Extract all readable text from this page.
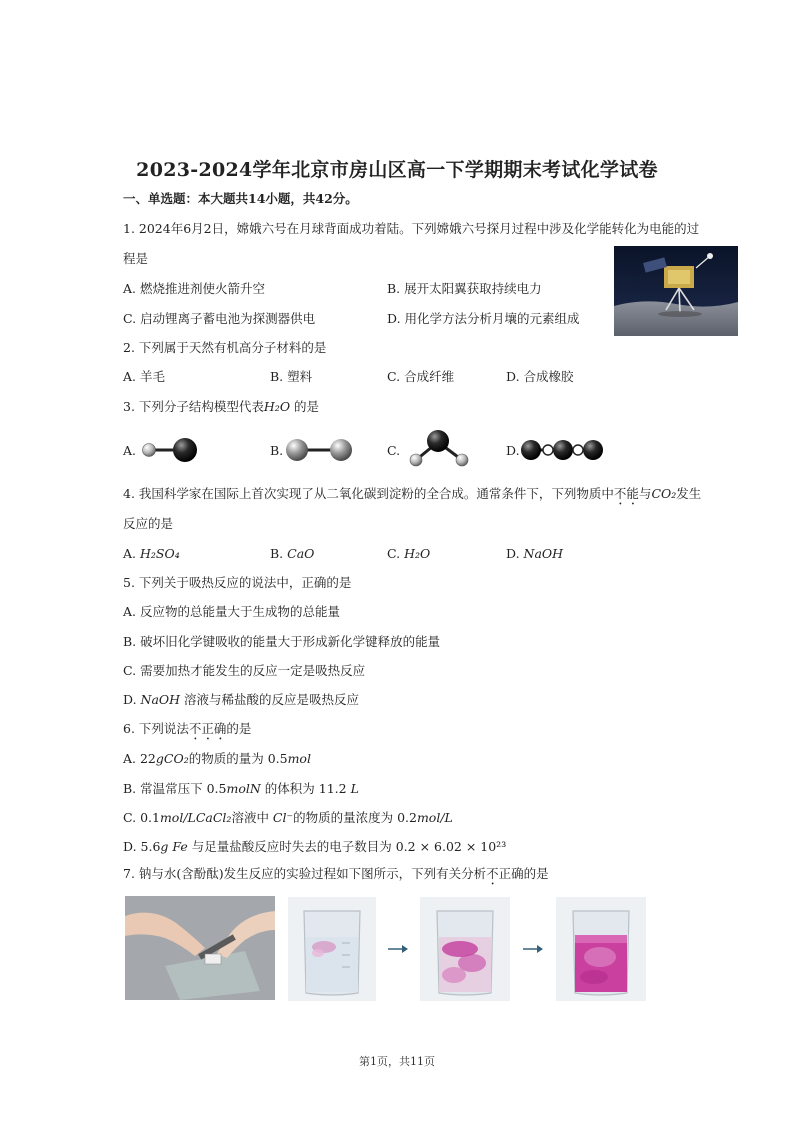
2023-2024学年北京市房山区高一下学期期末考试化学试卷
一、单选题：本大题共14小题，共42分。
1. 2024年6月2日，嫦娥六号在月球背面成功着陆。下列嫦娥六号探月过程中涉及化学能转化为电能的过
程是
A. 燃烧推进剂使火箭升空	B. 展开太阳翼获取持续电力
C. 启动锂离子蓄电池为探测器供电	D. 用化学方法分析月壤的元素组成
2. 下列属于天然有机高分子材料的是
A. 羊毛	B. 塑料	C. 合成纤维	D. 合成橡胶
3. 下列分子结构模型代表H₂O 的是
A.	B.	C.	D.
4. 我国科学家在国际上首次实现了从二氧化碳到淀粉的全合成。通常条件下，下列物质中不能与CO₂发生
反应的是
A. H₂SO₄	B. CaO	C. H₂O	D. NaOH
5. 下列关于吸热反应的说法中，正确的是
A. 反应物的总能量大于生成物的总能量
B. 破坏旧化学键吸收的能量大于形成新化学键释放的能量
C. 需要加热才能发生的反应一定是吸热反应
D. NaOH 溶液与稀盐酸的反应是吸热反应
6. 下列说法不正确的是
A. 22gCO₂的物质的量为 0.5mol
B. 常温常压下 0.5molN 的体积为 11.2 L
C. 0.1mol/LCaCl₂溶液中 Cl⁻的物质的量浓度为 0.2mol/L
D. 5.6g Fe 与足量盐酸反应时失去的电子数目为 0.2 × 6.02 × 10²³
7. 钠与水(含酚酞)发生反应的实验过程如下图所示，下列有关分析不正确的是
第1页，共11页
